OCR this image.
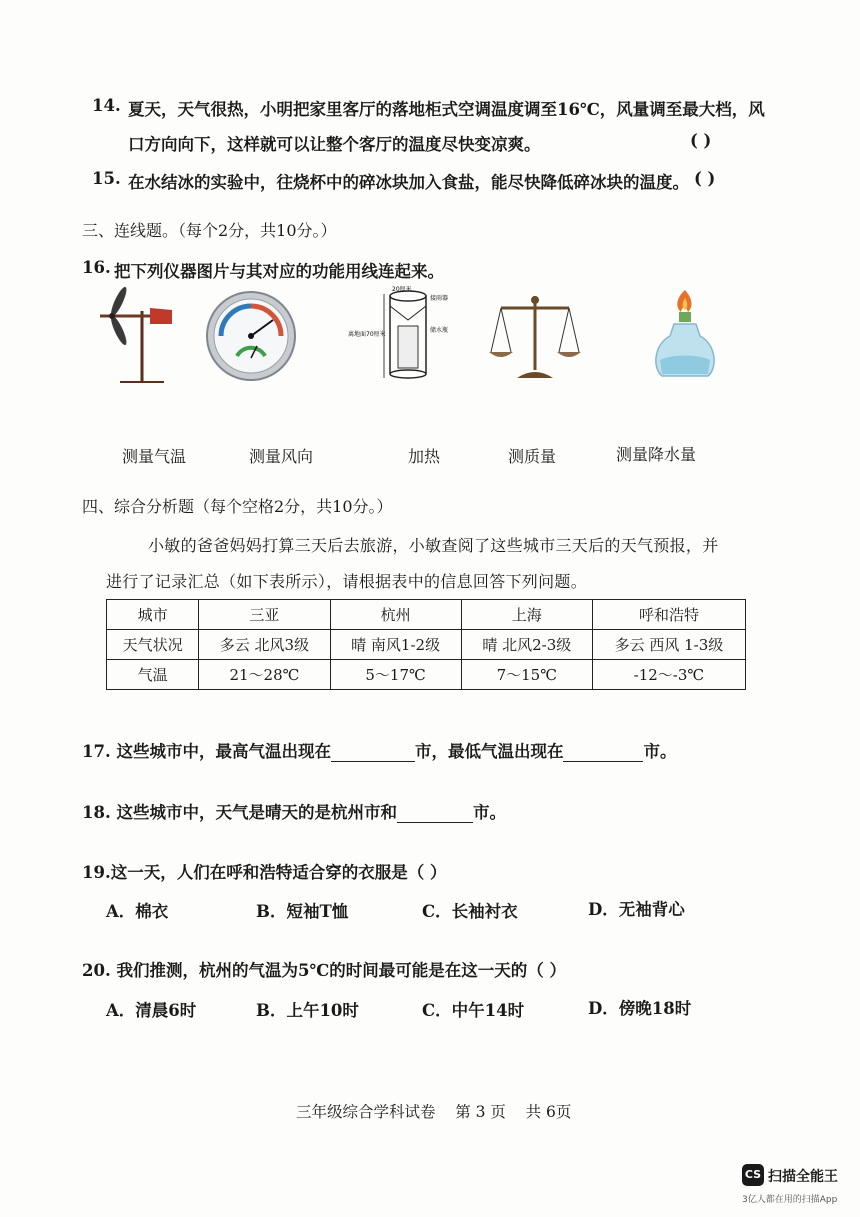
14. 夏天，天气很热，小明把家里客厅的落地柜式空调温度调至16℃，风量调至最大档，风
口方向向下，这样就可以让整个客厅的温度尽快变凉爽。	( )
15. 在水结冰的实验中，往烧杯中的碎冰块加入食盐，能尽快降低碎冰块的温度。 ( )
三、连线题。（每个2分，共10分。）
16. 把下列仪器图片与其对应的功能用线连起来。
20厘米
接雨器
离地面70厘米
储水瓶
测量气温	测量风向	加热	测质量	测量降水量
四、综合分析题（每个空格2分，共10分。）
小敏的爸爸妈妈打算三天后去旅游，小敏查阅了这些城市三天后的天气预报，并
进行了记录汇总（如下表所示），请根据表中的信息回答下列问题。
城市	三亚	杭州	上海	呼和浩特
天气状况	多云 北风3级	晴 南风1-2级	晴 北风2-3级	多云 西风 1-3级
气温	21～28℃	5～17℃	7～15℃	-12～-3℃
17. 这些城市中，最高气温出现在	市，最低气温出现在	市。
18. 这些城市中，天气是晴天的是杭州市和	市。
19.这一天，人们在呼和浩特适合穿的衣服是（ ）
A．棉衣	B．短袖T恤	C．长袖衬衣	D．无袖背心
20. 我们推测，杭州的气温为5℃的时间最可能是在这一天的（ ）
A．清晨6时	B．上午10时	C．中午14时	D．傍晚18时
三年级综合学科试卷    第 3 页    共 6页
CS 扫描全能王
3亿人都在用的扫描App
